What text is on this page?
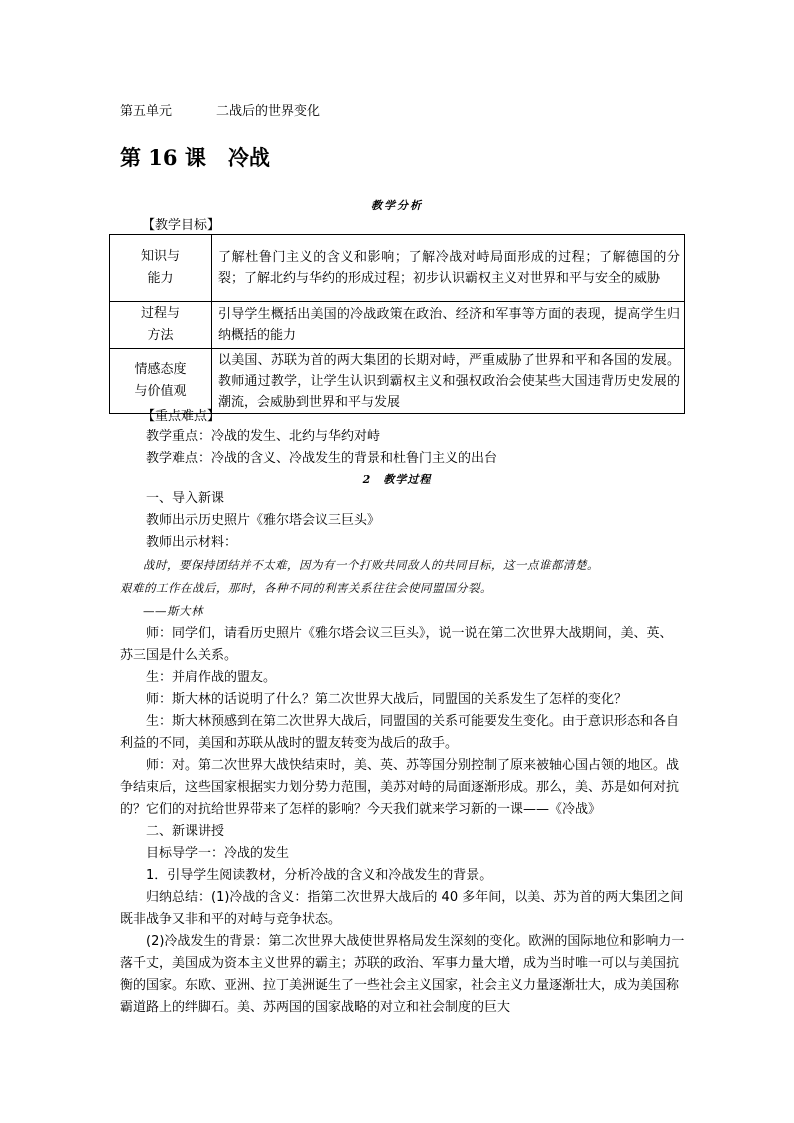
第五单元	二战后的世界变化
第 16 课 冷战
教学分析
【教学目标】
知识与
能力	了解杜鲁门主义的含义和影响；了解冷战对峙局面形成的过程；了解德国的分裂；了解北约与华约的形成过程；初步认识霸权主义对世界和平与安全的威胁
过程与
方法	引导学生概括出美国的冷战政策在政治、经济和军事等方面的表现，提高学生归纳概括的能力
情感态度
与价值观	以美国、苏联为首的两大集团的长期对峙，严重威胁了世界和平和各国的发展。教师通过教学，让学生认识到霸权主义和强权政治会使某些大国违背历史发展的潮流，会威胁到世界和平与发展
【重点难点】

教学重点：冷战的发生、北约与华约对峙

教学难点：冷战的含义、冷战发生的背景和杜鲁门主义的出台

2　教学过程

一、导入新课

教师出示历史照片《雅尔塔会议三巨头》

教师出示材料：

战时，要保持团结并不太难，因为有一个打败共同敌人的共同目标，这一点谁都清楚。

艰难的工作在战后，那时，各种不同的利害关系往往会使同盟国分裂。

——斯大林

师：同学们，请看历史照片《雅尔塔会议三巨头》，说一说在第二次世界大战期间，美、英、苏三国是什么关系。

生：并肩作战的盟友。

师：斯大林的话说明了什么？第二次世界大战后，同盟国的关系发生了怎样的变化？

生：斯大林预感到在第二次世界大战后，同盟国的关系可能要发生变化。由于意识形态和各自利益的不同，美国和苏联从战时的盟友转变为战后的敌手。

师：对。第二次世界大战快结束时，美、英、苏等国分别控制了原来被轴心国占领的地区。战争结束后，这些国家根据实力划分势力范围，美苏对峙的局面逐渐形成。那么，美、苏是如何对抗的？它们的对抗给世界带来了怎样的影响？今天我们就来学习新的一课——《冷战》

二、新课讲授

目标导学一：冷战的发生

1．引导学生阅读教材，分析冷战的含义和冷战发生的背景。

归纳总结：(1)冷战的含义：指第二次世界大战后的 40 多年间，以美、苏为首的两大集团之间既非战争又非和平的对峙与竞争状态。

(2)冷战发生的背景：第二次世界大战使世界格局发生深刻的变化。欧洲的国际地位和影响力一落千丈，美国成为资本主义世界的霸主；苏联的政治、军事力量大增，成为当时唯一可以与美国抗衡的国家。东欧、亚洲、拉丁美洲诞生了一些社会主义国家，社会主义力量逐渐壮大，成为美国称霸道路上的绊脚石。美、苏两国的国家战略的对立和社会制度的巨大
